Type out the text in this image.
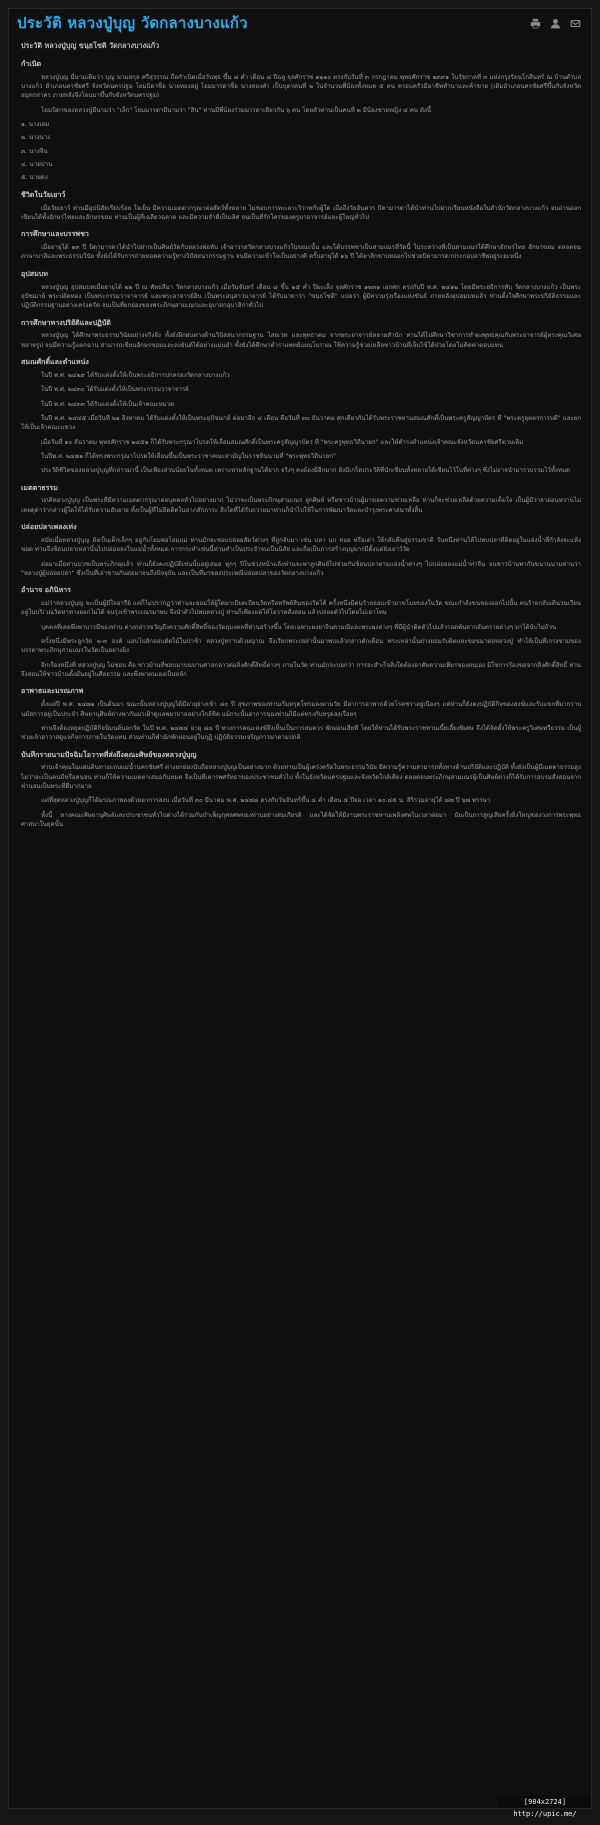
ประวัติ หลวงปู่บุญ วัดกลางบางแก้ว
ประวัติ หลวงปู่บุญ ขนฺธโชติ วัดกลางบางแก้ว
กำเนิด

หลวงปู่บุญ มีนามเดิมว่า บุญ นามสกุล ศรีสุวรรณ ถือกำเนิดเมื่อวันพุธ ขึ้น ๘ ค่ำ เดือน ๘ ปีฉลู จุลศักราช ๑๒๑๐ ตรงกับวันที่ ๓ กรกฎาคม พุทธศักราช ๒๓๙๑ ในรัชกาลที่ ๓ แห่งกรุงรัตนโกสินทร์ ณ บ้านตำบลบางแก้ว อำเภอนครชัยศรี จังหวัดนครปฐม โยมบิดาชื่อ นายทองอยู่ โยมมารดาชื่อ นางทองคำ เป็นบุตรคนที่ ๒ ในจำนวนพี่น้องทั้งหมด ๕ คน ครอบครัวมีอาชีพทำนาและค้าขาย (เดิมอำเภอนครชัยศรีขึ้นกับจังหวัดสมุทรสาคร ภายหลังจึงโอนมาขึ้นกับจังหวัดนครปฐม)

โยมบิดาของหลวงปู่มีนามว่า "เล็ก" โยมมารดามีนามว่า "สิน" ท่านมีพี่น้องร่วมมารดาเดียวกัน ๖ คน โดยตัวท่านเป็นคนที่ ๒ มีน้องชายหญิง ๔ คน ดังนี้

๑. นางเอม

๒. นางนาง

๓. นางจีน

๔. นายปาน

๕. นายดง

ชีวิตในวัยเยาว์

เมื่อวัยเยาว์ ท่านมีอุปนิสัยเรียบร้อย ใจเย็น มีความเมตตากรุณาต่อสัตว์ทั้งหลาย ไม่ชอบการทะเลาะวิวาทกับผู้ใด เมื่อถึงวัยอันควร บิดามารดาได้นำท่านไปฝากเรียนหนังสือในสำนักวัดกลางบางแก้ว จนอ่านออกเขียนได้ทั้งอักษรไทยและอักษรขอม ท่านเป็นผู้ที่เฉลียวฉลาด และมีความจำดีเป็นเลิศ จนเป็นที่รักใคร่ของครูบาอาจารย์และผู้ใหญ่ทั่วไป

การศึกษาและบรรพชา

เมื่ออายุได้ ๑๓ ปี บิดามารดาได้นำไปฝากเป็นศิษย์วัดกับหลวงพ่อทับ เจ้าอาวาสวัดกลางบางแก้วในขณะนั้น และได้บรรพชาเป็นสามเณรที่วัดนี้ ในระหว่างที่เป็นสามเณรได้ศึกษาอักษรไทย อักษรขอม ตลอดจนภาษาบาลีและพระธรรมวินัย ทั้งยังได้รับการถ่ายทอดความรู้ทางวิปัสสนากรรมฐาน จนมีความเข้าใจเป็นอย่างดี ครั้นอายุได้ ๑๖ ปี ได้ลาสิกขาบทออกไปช่วยบิดามารดาประกอบอาชีพอยู่ระยะหนึ่ง

อุปสมบท

หลวงปู่บุญ อุปสมบทเมื่ออายุได้ ๒๒ ปี ณ พัทธสีมา วัดกลางบางแก้ว เมื่อวันจันทร์ เดือน ๘ ขึ้น ๑๕ ค่ำ ปีมะเส็ง จุลศักราช ๑๒๓๑ เอกศก ตรงกับปี พ.ศ. ๒๔๑๒ โดยมีพระอธิการทับ วัดกลางบางแก้ว เป็นพระอุปัชฌาย์ พระปลัดทอง เป็นพระกรรมวาจาจารย์ และพระอาจารย์อิน เป็นพระอนุสาวนาจารย์ ได้รับฉายาว่า "ขนฺธโชติ" แปลว่า ผู้มีความรุ่งเรืองแห่งขันธ์ ภายหลังอุปสมบทแล้ว ท่านตั้งใจศึกษาพระปริยัติธรรมและปฏิบัติกรรมฐานอย่างเคร่งครัด จนเป็นที่ยกย่องของพระภิกษุสามเณรและอุบาสกอุบาสิกาทั่วไป

การศึกษาทางปริยัติและปฏิบัติ

หลวงปู่บุญ ได้ศึกษาพระธรรมวินัยอย่างจริงจัง ทั้งยังฝึกฝนทางด้านวิปัสสนากรรมฐาน ไสยเวท และพุทธาคม จากพระอาจารย์หลายสำนัก ท่านได้ไปศึกษาวิชาการทำผงพุทธคุณกับพระอาจารย์ผู้ทรงคุณวิเศษหลายรูป จนมีความรู้แตกฉาน สามารถเขียนอักษรขอมและลงยันต์ได้อย่างแม่นยำ ทั้งยังได้ศึกษาตำราแพทย์แผนโบราณ ใช้ความรู้ช่วยเหลือชาวบ้านที่เจ็บไข้ได้ป่วยโดยไม่คิดค่าตอบแทน

สมณศักดิ์และตำแหน่ง

ในปี พ.ศ. ๒๔๒๙ ได้รับแต่งตั้งให้เป็นพระอธิการปกครองวัดกลางบางแก้ว

ในปี พ.ศ. ๒๔๓๐ ได้รับแต่งตั้งให้เป็นพระกรรมวาจาจารย์

ในปี พ.ศ. ๒๔๓๓ ได้รับแต่งตั้งให้เป็นเจ้าคณะหมวด

ในปี พ.ศ. ๒๔๔๕ เมื่อวันที่ ๒๑ สิงหาคม ได้รับแต่งตั้งให้เป็นพระอุปัชฌาย์ ต่อมาอีก ๔ เดือน คือวันที่ ๓๐ ธันวาคม ศกเดียวกันได้รับพระราชทานสมณศักดิ์เป็นพระครูสัญญาบัตร ที่ "พระครูอุตตรการบดี" และยกให้เป็นเจ้าคณะแขวง

เมื่อวันที่ ๑๐ ธันวาคม พุทธศักราช ๒๔๕๑ ก็ได้รับพระกรุณาโปรดให้เลื่อนสมณศักดิ์เป็นพระครูสัญญาบัตร ที่ "พระครูพุทธวิถีนายก" และให้ดำรงตำแหน่งเจ้าคณะจังหวัดนครชัยศรีตามเดิม

ในปีพ.ศ. ๒๔๗๑ ก็ได้ทรงพระกรุณาโปรดให้เลื่อนขึ้นเป็นพระราชาคณะสามัญในราชทินนามที่ "พระพุทธวิถีนายก"

ประวัติชีวิตของหลวงปู่บุญที่กล่าวมานี้ เป็นเพียงส่วนน้อยในทั้งหมด เพราะหาหลักฐานได้ยาก จริงๆ คงต้องมีอีกมาก ยังมีเกร็ดประวัติที่นักเขียนทั้งหลายได้เขียนไว้ในที่ต่างๆ ซึ่งไม่อาจนำมารวบรวมไว้ทั้งหมด

เมตตาธรรม

ปกติหลวงปู่บุญ เป็นพระที่มีความเมตตากรุณาต่อบุคคลทั่วไปอย่างมาก ไม่ว่าจะเป็นพระภิกษุสามเณร ลูกศิษย์ หรือชาวบ้านผู้มาขอความช่วยเหลือ ท่านก็จะช่วยเหลือด้วยความเต็มใจ เป็นผู้มีวาจาอ่อนหวานไม่เคยดุด่าว่ากล่าวผู้ใดให้ได้รับความอับอาย ทั้งเป็นผู้ที่ไม่ยึดติดในลาภสักการะ สิ่งใดที่ได้รับถวายมาท่านก็นำไปใช้ในการพัฒนาวัดและบำรุงพระศาสนาทั้งสิ้น

ปล่อยปลาเพลงเท่ง

สมัยเมื่อหลวงปู่บุญ ยังเป็นเด็กเล็กๆ อยู่กับโยมพ่อโยมแม่ ท่านมักจะชอบปล่อยสัตว์ต่างๆ ที่ถูกจับมา เช่น ปลา นก หอย หรือเต่า ให้กลับคืนสู่ธรรมชาติ วันหนึ่งท่านได้ไปพบปลาที่ติดอยู่ในแอ่งน้ำที่กำลังจะแห้งขอด ท่านจึงช้อนปลาเหล่านั้นไปปล่อยลงในแม่น้ำทั้งหมด การกระทำเช่นนี้ท่านทำเป็นประจำจนเป็นนิสัย และถือเป็นการสร้างบุญบารมีตั้งแต่ยังเยาว์วัย

ต่อมาเมื่อท่านบวชเป็นพระภิกษุแล้ว ท่านก็ยังคงปฏิบัติเช่นนั้นอยู่เสมอ ทุกๆ ปีในช่วงหน้าแล้งท่านจะพาลูกศิษย์ไปช่วยกันช้อนปลาตามแอ่งน้ำต่างๆ ไปปล่อยลงแม่น้ำท่าจีน จนชาวบ้านพากันขนานนามท่านว่า "หลวงปู่ผู้ปล่อยปลา" ซึ่งเป็นที่เล่าขานกันต่อมาจนถึงปัจจุบัน และเป็นที่มาของประเพณีปล่อยปลาของวัดกลางบางแก้ว

อำนาจ อภินิหาร

แม่ว่าหลวงปู่บุญ จะเป็นผู้มีใจอารีย์ แต่ก็ไม่ปรากฏว่าท่านจะยอมให้ผู้ใดมาเบียดเบียนวัดหรือทรัพย์สินของวัดได้ ครั้งหนึ่งมีคนร้ายลอบเข้ามาขโมยของในวัด ขณะกำลังขนของออกไปนั้น คนร้ายกลับเดินวนเวียนอยู่ในบริเวณวัดหาทางออกไม่ได้ จนรุ่งเช้าพระเณรมาพบ จึงนำตัวไปพบหลวงปู่ ท่านก็เพียงแต่ให้โอวาทสั่งสอน แล้วปล่อยตัวไปโดยไม่เอาโทษ

บุคคลที่เคยพึ่งพาบารมีของท่าน ต่างกล่าวขวัญถึงความศักดิ์สิทธิ์ของวัตถุมงคลที่ท่านสร้างขึ้น โดยเฉพาะผงยาจินดามณีและพระผงต่างๆ ที่มีผู้นำติดตัวไปแล้วรอดพ้นจากอันตรายต่างๆ มาได้นับไม่ถ้วน

ครั้งหนึ่งมีพระลูกวัด ๒-๓ องค์ แอบไปลักลอบตัดไม้ในป่าช้า หลวงปู่ทราบด้วยญาณ จึงเรียกพระเหล่านั้นมาพบแล้วกล่าวตักเตือน พระเหล่านั้นต่างยอมรับผิดและขอขมาต่อหลวงปู่ ทำให้เป็นที่เกรงขามของบรรดาพระภิกษุสามเณรในวัดเป็นอย่างยิ่ง

อีกเรื่องหนึ่งที่ หลวงปู่บุญ ไม่ชอบ คือ ชาวบ้านที่ชอบมาบนบานศาลกล่าวต่อสิ่งศักดิ์สิทธิ์ต่างๆ ภายในวัด ท่านมักจะบอกว่า การจะสำเร็จสิ่งใดต้องอาศัยความเพียรของตนเอง มิใช่การร้องขอจากสิ่งศักดิ์สิทธิ์ ท่านจึงสอนให้ชาวบ้านตั้งมั่นอยู่ในศีลธรรม และพึ่งพาตนเองเป็นหลัก

อาพาธและมรณภาพ

ตั้งแต่ปี พ.ศ. ๒๔๗๑ เป็นต้นมา ขณะนั้นหลวงปู่บุญได้มีอายุย่างเข้า ๘๐ ปี สุขภาพของท่านเริ่มทรุดโทรมลงตามวัย มีอาการอาพาธด้วยโรคชราอยู่เนืองๆ แต่ท่านก็ยังคงปฏิบัติกิจของสงฆ์และรับแขกที่มากราบนมัสการอยู่เป็นประจำ ศิษยานุศิษย์ต่างพากันมาเฝ้าดูแลพยาบาลอย่างใกล้ชิด แม้กระนั้นอาการของท่านก็มีแต่ทรงกับทรุดลงเรื่อยๆ

ท่านจึงต้องหยุดปฏิบัติกิจนิมนต์นอกวัด ในปี พ.ศ. ๒๔๗๔ อายุ ๘๔ ปี ทางการคณะสงฆ์จึงเห็นเป็นการสมควร พักผ่อนเสียที โดยให้ท่านได้รับพระราชทานเบี้ยเลี้ยงพิเศษ จึงได้จัดตั้งให้พระครูวิเศษทวีธรรม เป็นผู้ช่วยเจ้าอาวาสดูแลกิจการภายในวัดแทน ส่วนท่านก็พำนักพักผ่อนอยู่ในกุฏิ ปฏิบัติธรรมเจริญภาวนาตามปกติ

บันทึกรายนามปัจฉิมโอวาทที่ส่งถึงคณะศิษย์ของหลวงปู่บุญ

ท่านเจ้าคุณในแผ่นดินทางแถบแม่น้ำนครชัยศรี ต่างยกย่องนับถือหลวงปู่บุญเป็นอย่างมาก ด้วยท่านเป็นผู้เคร่งครัดในพระธรรมวินัย มีความรู้ความสามารถทั้งทางด้านปริยัติและปฏิบัติ ทั้งยังเป็นผู้มีเมตตาธรรมสูง ไม่ว่าจะเป็นคนมีหรือคนจน ท่านก็ให้ความเมตตาเสมอกันหมด จึงเป็นที่เคารพศรัทธาของประชาชนทั่วไป ทั้งในจังหวัดนครปฐมและจังหวัดใกล้เคียง ตลอดจนพระภิกษุสามเณรผู้เป็นศิษย์ต่างก็ได้รับการอบรมสั่งสอนจากท่านจนเป็นพระที่ดีมากมาย

แต่ที่สุดหลวงปู่บุญก็ได้มรณภาพลงด้วยอาการสงบ เมื่อวันที่ ๓๐ มีนาคม พ.ศ. ๒๔๗๘ ตรงกับวันจันทร์ขึ้น ๔ ค่ำ เดือน ๕ ปีจอ เวลา ๑๐.๔๕ น. สิริรวมอายุได้ ๘๗ ปี ๖๗ พรรษา

ทั้งนี้ ทางคณะศิษยานุศิษย์และประชาชนทั่วไปต่างได้ร่วมกันบำเพ็ญกุศลศพของท่านอย่างสมเกียรติ และได้จัดให้มีงานพระราชทานเพลิงศพในเวลาต่อมา นับเป็นการสูญเสียครั้งยิ่งใหญ่ของวงการพระพุทธศาสนาในยุคนั้น

[904x2724] http://upic.me/
